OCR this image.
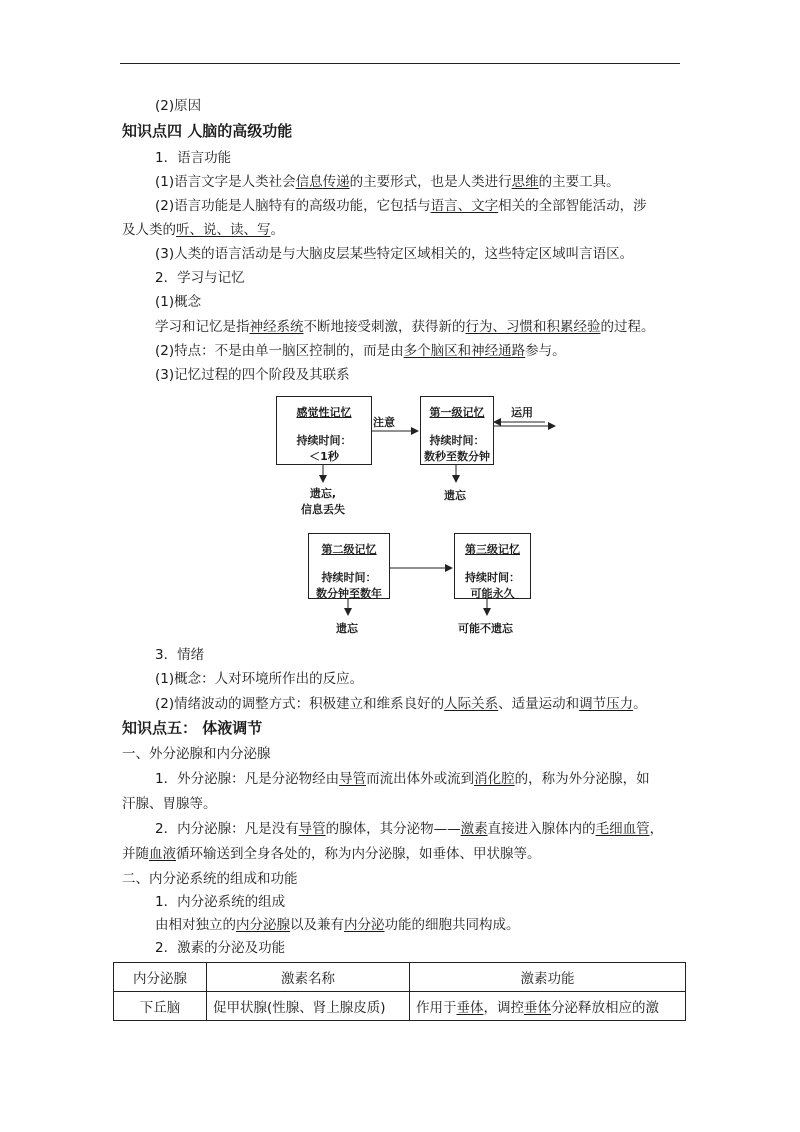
(2)原因
知识点四 人脑的高级功能
1．语言功能
(1)语言文字是人类社会信息传递的主要形式，也是人类进行思维的主要工具。
(2)语言功能是人脑特有的高级功能，它包括与语言、文字相关的全部智能活动，涉
及人类的听、说、读、写。
(3)人类的语言活动是与大脑皮层某些特定区域相关的，这些特定区域叫言语区。
2．学习与记忆
(1)概念
学习和记忆是指神经系统不断地接受刺激，获得新的行为、习惯和积累经验的过程。
(2)特点：不是由单一脑区控制的，而是由多个脑区和神经通路参与。
(3)记忆过程的四个阶段及其联系
感觉性记忆
持续时间：
＜1秒
第一级记忆
持续时间：
数秒至数分钟
第二级记忆
持续时间：
数分钟至数年
第三级记忆
持续时间：
可能永久
注意
运用
遗忘,
信息丢失
遗忘
遗忘	可能不遗忘
3．情绪
(1)概念：人对环境所作出的反应。
(2)情绪波动的调整方式：积极建立和维系良好的人际关系、适量运动和调节压力。
知识点五： 体液调节
一、外分泌腺和内分泌腺
1．外分泌腺：凡是分泌物经由导管而流出体外或流到消化腔的，称为外分泌腺，如
汗腺、胃腺等。
2．内分泌腺：凡是没有导管的腺体，其分泌物——激素直接进入腺体内的毛细血管，
并随血液循环输送到全身各处的，称为内分泌腺，如垂体、甲状腺等。
二、内分泌系统的组成和功能
1．内分泌系统的组成
由相对独立的内分泌腺以及兼有内分泌功能的细胞共同构成。
2．激素的分泌及功能
内分泌腺	激素名称	激素功能
下丘脑	促甲状腺(性腺、肾上腺皮质)	作用于垂体，调控垂体分泌释放相应的激
